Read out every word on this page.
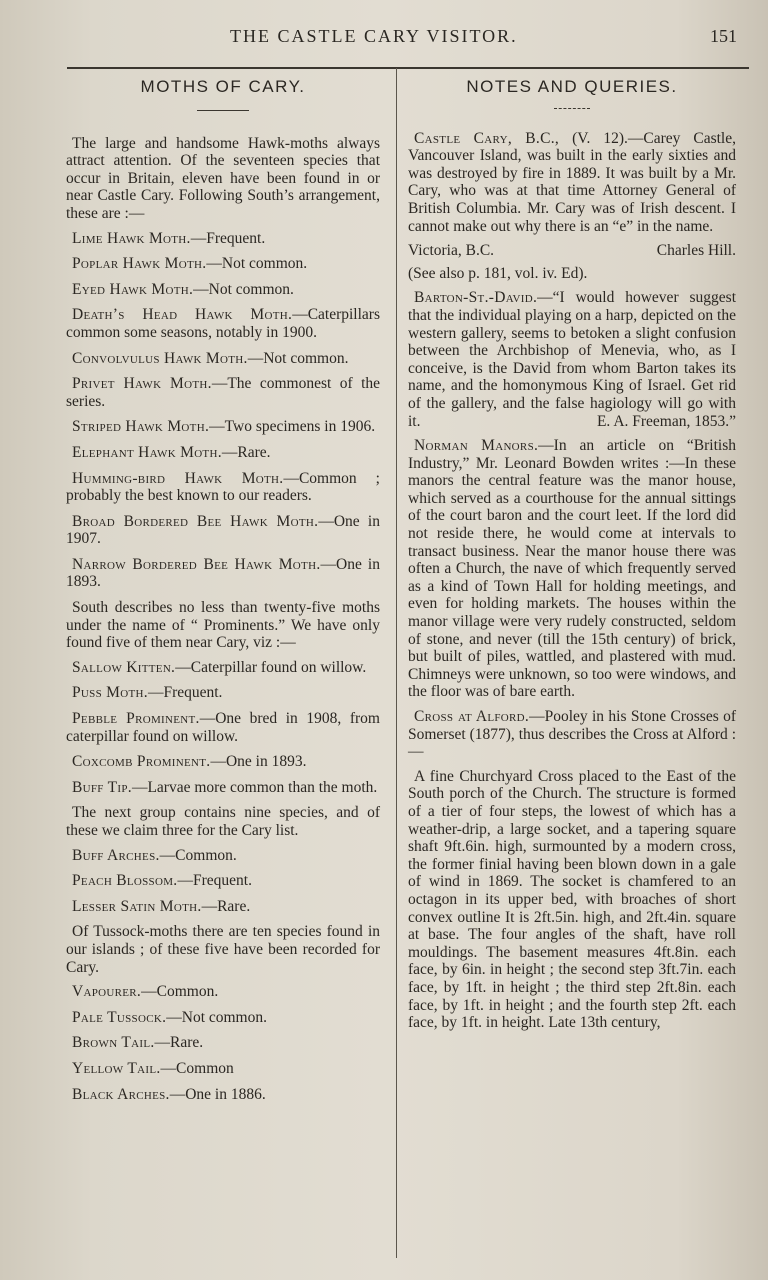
THE CASTLE CARY VISITOR.	151
MOTHS OF CARY.

The large and handsome Hawk-moths always attract attention. Of the seventeen species that occur in Britain, eleven have been found in or near Castle Cary. Following South’s arrangement, these are :—

Lime Hawk Moth.—Frequent.

Poplar Hawk Moth.—Not common.

Eyed Hawk Moth.—Not common.

Death’s Head Hawk Moth.—Caterpillars common some seasons, notably in 1900.

Convolvulus Hawk Moth.—Not common.

Privet Hawk Moth.—The commonest of the series.

Striped Hawk Moth.—Two specimens in 1906.

Elephant Hawk Moth.—Rare.

Humming-bird Hawk Moth.—Common ; probably the best known to our readers.

Broad Bordered Bee Hawk Moth.—One in 1907.

Narrow Bordered Bee Hawk Moth.—One in 1893.

South describes no less than twenty-five moths under the name of “ Prominents.” We have only found five of them near Cary, viz :—

Sallow Kitten.—Caterpillar found on willow.

Puss Moth.—Frequent.

Pebble Prominent.—One bred in 1908, from caterpillar found on willow.

Coxcomb Prominent.—One in 1893.

Buff Tip.—Larvae more common than the moth.

The next group contains nine species, and of these we claim three for the Cary list.

Buff Arches.—Common.

Peach Blossom.—Frequent.

Lesser Satin Moth.—Rare.

Of Tussock-moths there are ten species found in our islands ; of these five have been recorded for Cary.

Vapourer.—Common.

Pale Tussock.—Not common.

Brown Tail.—Rare.

Yellow Tail.—Common

Black Arches.—One in 1886.

NOTES AND QUERIES.

Castle Cary, B.C., (V. 12).—Carey Castle, Vancouver Island, was built in the early sixties and was destroyed by fire in 1889. It was built by a Mr. Cary, who was at that time Attorney General of British Columbia. Mr. Cary was of Irish descent. I cannot make out why there is an “e” in the name.

Victoria, B.C.	Charles Hill.

(See also p. 181, vol. iv. Ed).

Barton-St.-David.—“I would however suggest that the individual playing on a harp, depicted on the western gallery, seems to betoken a slight confusion between the Archbishop of Menevia, who, as I conceive, is the David from whom Barton takes its name, and the homonymous King of Israel. Get rid of the gallery, and the false hagiology will go with it.	E. A. Freeman, 1853.”

Norman Manors.—In an article on “British Industry,” Mr. Leonard Bowden writes :—In these manors the central feature was the manor house, which served as a courthouse for the annual sittings of the court baron and the court leet. If the lord did not reside there, he would come at intervals to transact business. Near the manor house there was often a Church, the nave of which frequently served as a kind of Town Hall for holding meetings, and even for holding markets. The houses within the manor village were very rudely constructed, seldom of stone, and never (till the 15th century) of brick, but built of piles, wattled, and plastered with mud. Chimneys were unknown, so too were windows, and the floor was of bare earth.

Cross at Alford.—Pooley in his Stone Crosses of Somerset (1877), thus describes the Cross at Alford :—

A fine Churchyard Cross placed to the East of the South porch of the Church. The structure is formed of a tier of four steps, the lowest of which has a weather-drip, a large socket, and a tapering square shaft 9ft.6in. high, surmounted by a modern cross, the former finial having been blown down in a gale of wind in 1869. The socket is chamfered to an octagon in its upper bed, with broaches of short convex outline It is 2ft.5in. high, and 2ft.4in. square at base. The four angles of the shaft, have roll mouldings. The basement measures 4ft.8in. each face, by 6in. in height ; the second step 3ft.7in. each face, by 1ft. in height ; the third step 2ft.8in. each face, by 1ft. in height ; and the fourth step 2ft. each face, by 1ft. in height. Late 13th century,
